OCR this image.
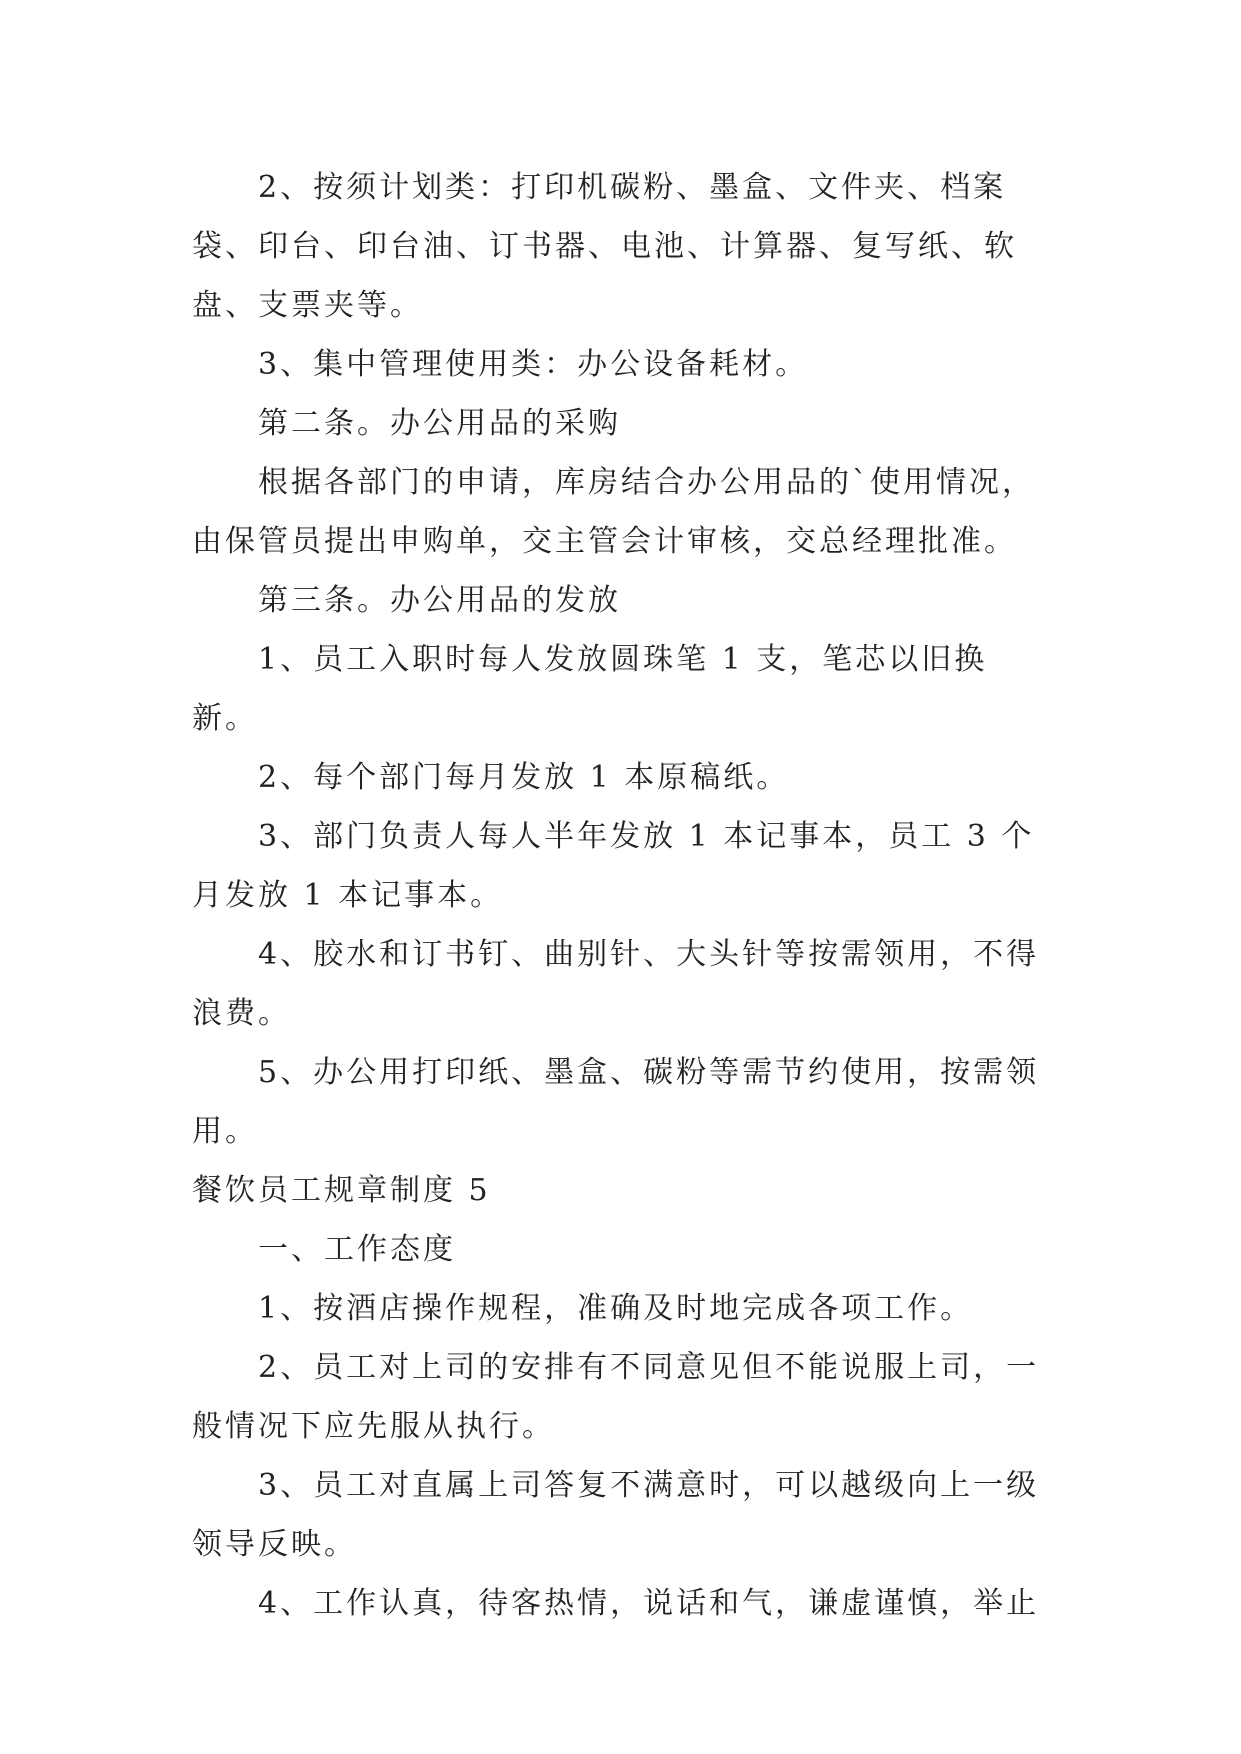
2、按须计划类：打印机碳粉、墨盒、文件夹、档案袋、印台、印台油、订书器、电池、计算器、复写纸、软盘、支票夹等。

3、集中管理使用类：办公设备耗材。

第二条。办公用品的采购

根据各部门的申请，库房结合办公用品的`使用情况，由保管员提出申购单，交主管会计审核，交总经理批准。

第三条。办公用品的发放

1、员工入职时每人发放圆珠笔 1 支，笔芯以旧换新。

2、每个部门每月发放 1 本原稿纸。

3、部门负责人每人半年发放 1 本记事本，员工 3 个月发放 1 本记事本。

4、胶水和订书钉、曲别针、大头针等按需领用，不得浪费。

5、办公用打印纸、墨盒、碳粉等需节约使用，按需领用。

餐饮员工规章制度 5

一、工作态度

1、按酒店操作规程，准确及时地完成各项工作。

2、员工对上司的安排有不同意见但不能说服上司，一般情况下应先服从执行。

3、员工对直属上司答复不满意时，可以越级向上一级领导反映。

4、工作认真，待客热情，说话和气，谦虚谨慎，举止
